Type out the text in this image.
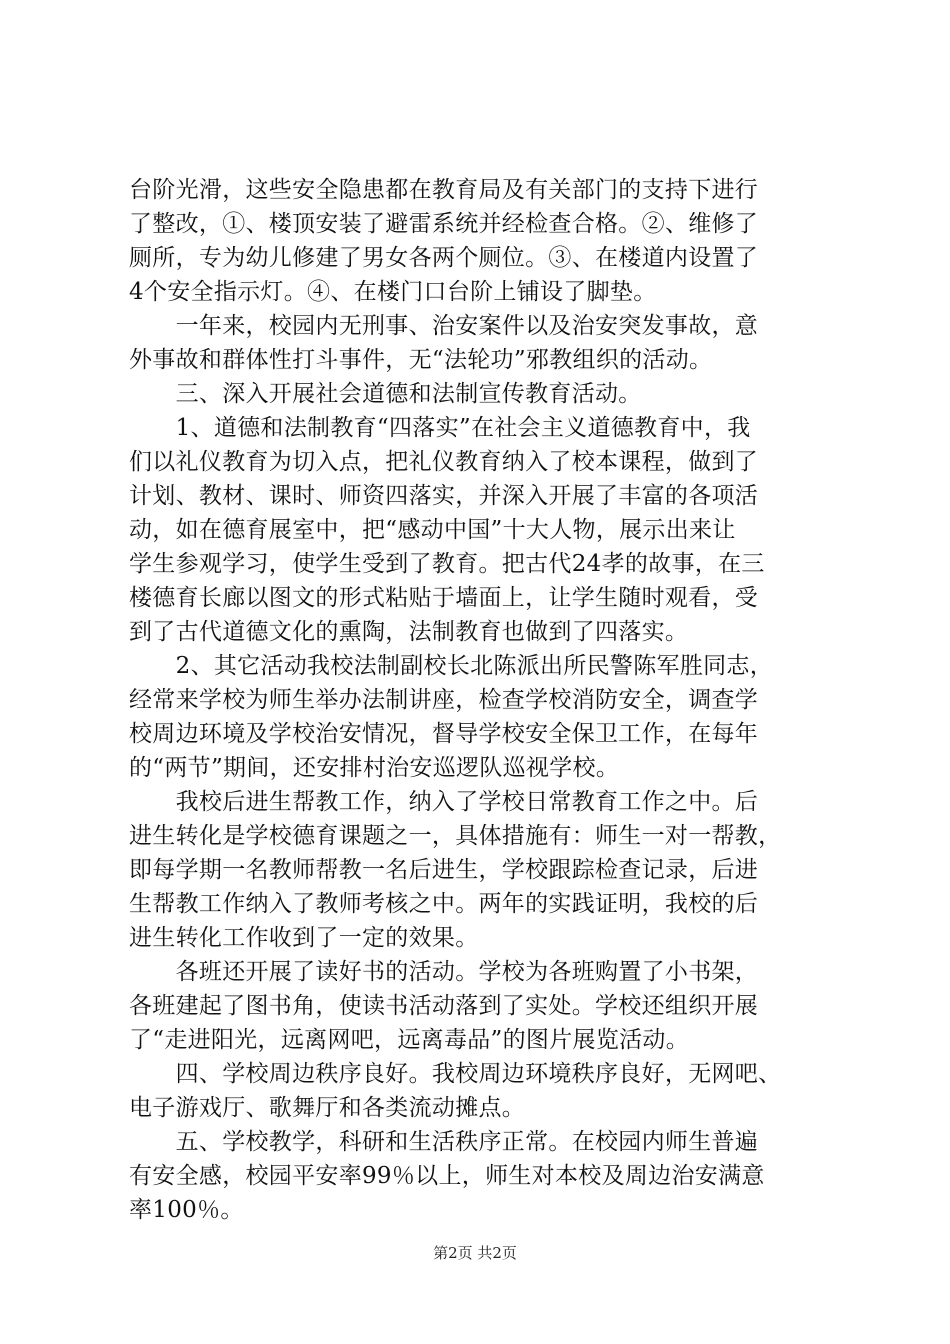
台阶光滑，这些安全隐患都在教育局及有关部门的支持下进行
了整改，①、楼顶安装了避雷系统并经检查合格。②、维修了
厕所，专为幼儿修建了男女各两个厕位。③、在楼道内设置了
4个安全指示灯。④、在楼门口台阶上铺设了脚垫。
　　一年来，校园内无刑事、治安案件以及治安突发事故，意
外事故和群体性打斗事件，无“法轮功”邪教组织的活动。
　　三、深入开展社会道德和法制宣传教育活动。
　　1、道德和法制教育“四落实”在社会主义道德教育中，我
们以礼仪教育为切入点，把礼仪教育纳入了校本课程，做到了
计划、教材、课时、师资四落实，并深入开展了丰富的各项活
动，如在德育展室中，把“感动中国”十大人物，展示出来让
学生参观学习，使学生受到了教育。把古代24孝的故事，在三
楼德育长廊以图文的形式粘贴于墙面上，让学生随时观看，受
到了古代道德文化的熏陶，法制教育也做到了四落实。
　　2、其它活动我校法制副校长北陈派出所民警陈军胜同志，
经常来学校为师生举办法制讲座，检查学校消防安全，调查学
校周边环境及学校治安情况，督导学校安全保卫工作，在每年
的“两节”期间，还安排村治安巡逻队巡视学校。
　　我校后进生帮教工作，纳入了学校日常教育工作之中。后
进生转化是学校德育课题之一，具体措施有：师生一对一帮教，
即每学期一名教师帮教一名后进生，学校跟踪检查记录，后进
生帮教工作纳入了教师考核之中。两年的实践证明，我校的后
进生转化工作收到了一定的效果。
　　各班还开展了读好书的活动。学校为各班购置了小书架，
各班建起了图书角，使读书活动落到了实处。学校还组织开展
了“走进阳光，远离网吧，远离毒品”的图片展览活动。
　　四、学校周边秩序良好。我校周边环境秩序良好，无网吧、
电子游戏厅、歌舞厅和各类流动摊点。
　　五、学校教学，科研和生活秩序正常。在校园内师生普遍
有安全感，校园平安率99％以上，师生对本校及周边治安满意
率100％。
第2页 共2页
